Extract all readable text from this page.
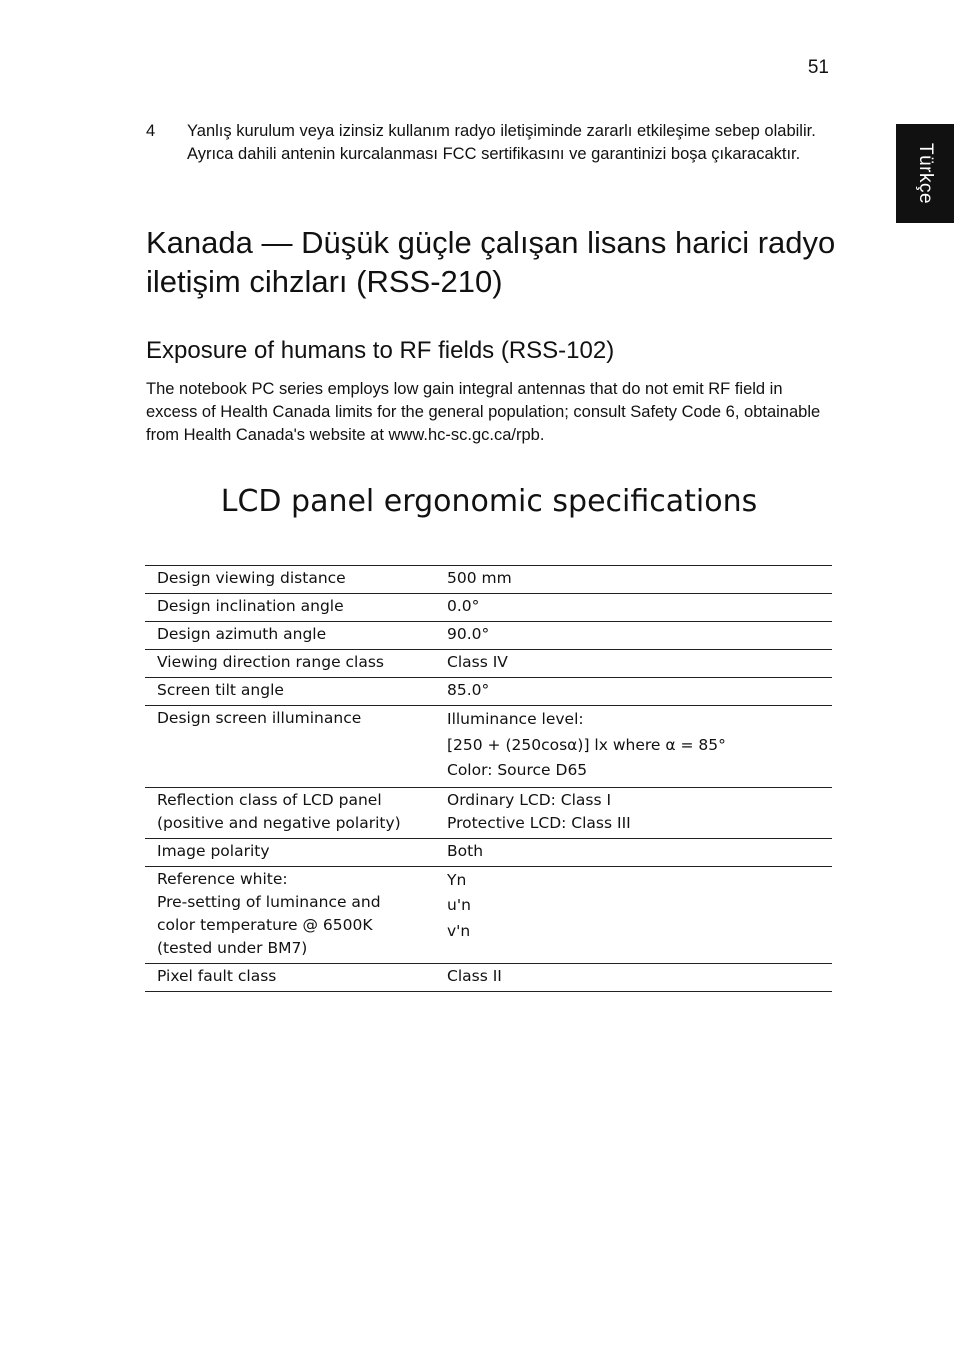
51
Türkçe
4 Yanlış kurulum veya izinsiz kullanım radyo iletişiminde zararlı etkileşime sebep olabilir. Ayrıca dahili antenin kurcalanması FCC sertifikasını ve garantinizi boşa çıkaracaktır.
Kanada — Düşük güçle çalışan lisans harici radyo iletişim cihzları (RSS-210)
Exposure of humans to RF fields (RSS-102)
The notebook PC series employs low gain integral antennas that do not emit RF field in excess of Health Canada limits for the general population; consult Safety Code 6, obtainable from Health Canada's website at www.hc-sc.gc.ca/rpb.
LCD panel ergonomic specifications
Design viewing distance	500 mm

Design inclination angle	0.0°

Design azimuth angle	90.0°

Viewing direction range class	Class IV

Screen tilt angle	85.0°

Design screen illuminance	Illuminance level:
[250 + (250cosα)] lx where α = 85°
Color: Source D65

Reflection class of LCD panel
(positive and negative polarity)	Ordinary LCD: Class I
Protective LCD: Class III

Image polarity	Both

Reference white:
Pre-setting of luminance and
color temperature @ 6500K
(tested under BM7)	Yn
u'n
v'n

Pixel fault class	Class II
